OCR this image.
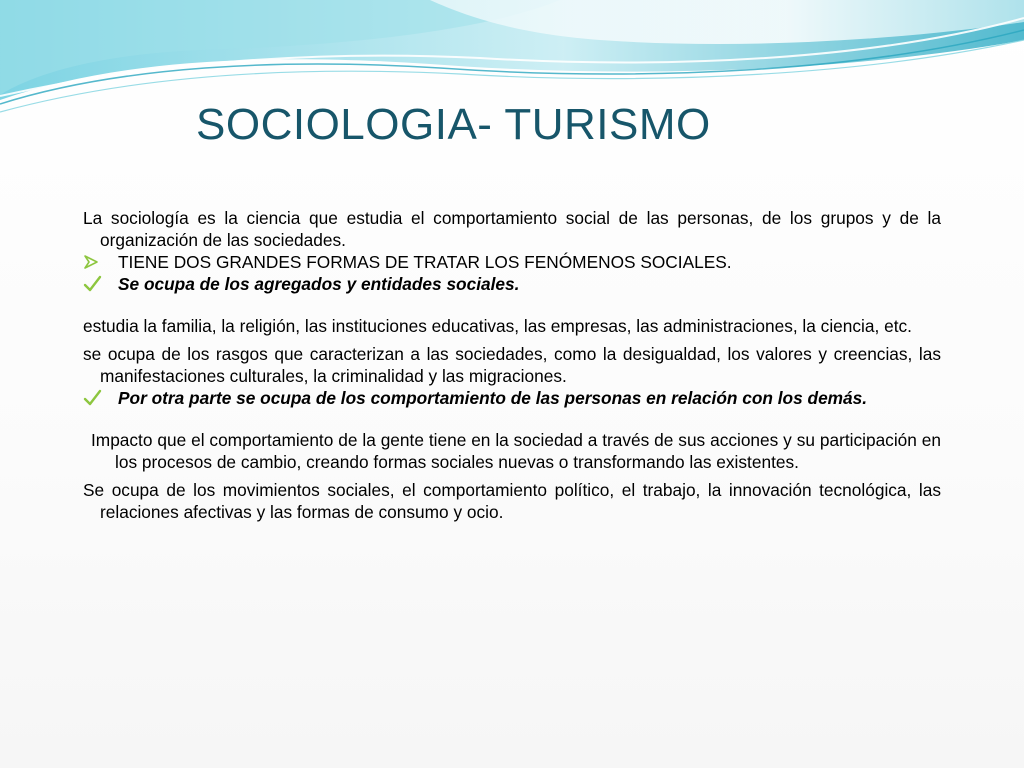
SOCIOLOGIA- TURISMO

La sociología es la ciencia que estudia el comportamiento social de las personas, de los grupos y de la organización de las sociedades.

TIENE DOS GRANDES FORMAS DE TRATAR LOS FENÓMENOS SOCIALES.
Se ocupa de los agregados y entidades sociales.

estudia la familia, la religión, las instituciones educativas, las empresas, las administraciones, la ciencia, etc.

se ocupa de los rasgos que caracterizan a las sociedades, como la desigualdad, los valores y creencias, las manifestaciones culturales, la criminalidad y las migraciones.

Por otra parte se ocupa de los comportamiento de las personas en relación con los demás.

Impacto que el comportamiento de la gente tiene en la sociedad a través de sus acciones y su participación en los procesos de cambio, creando formas sociales nuevas o transformando las existentes.

Se ocupa de los movimientos sociales, el comportamiento político, el trabajo, la innovación tecnológica, las relaciones afectivas y las formas de consumo y ocio.
